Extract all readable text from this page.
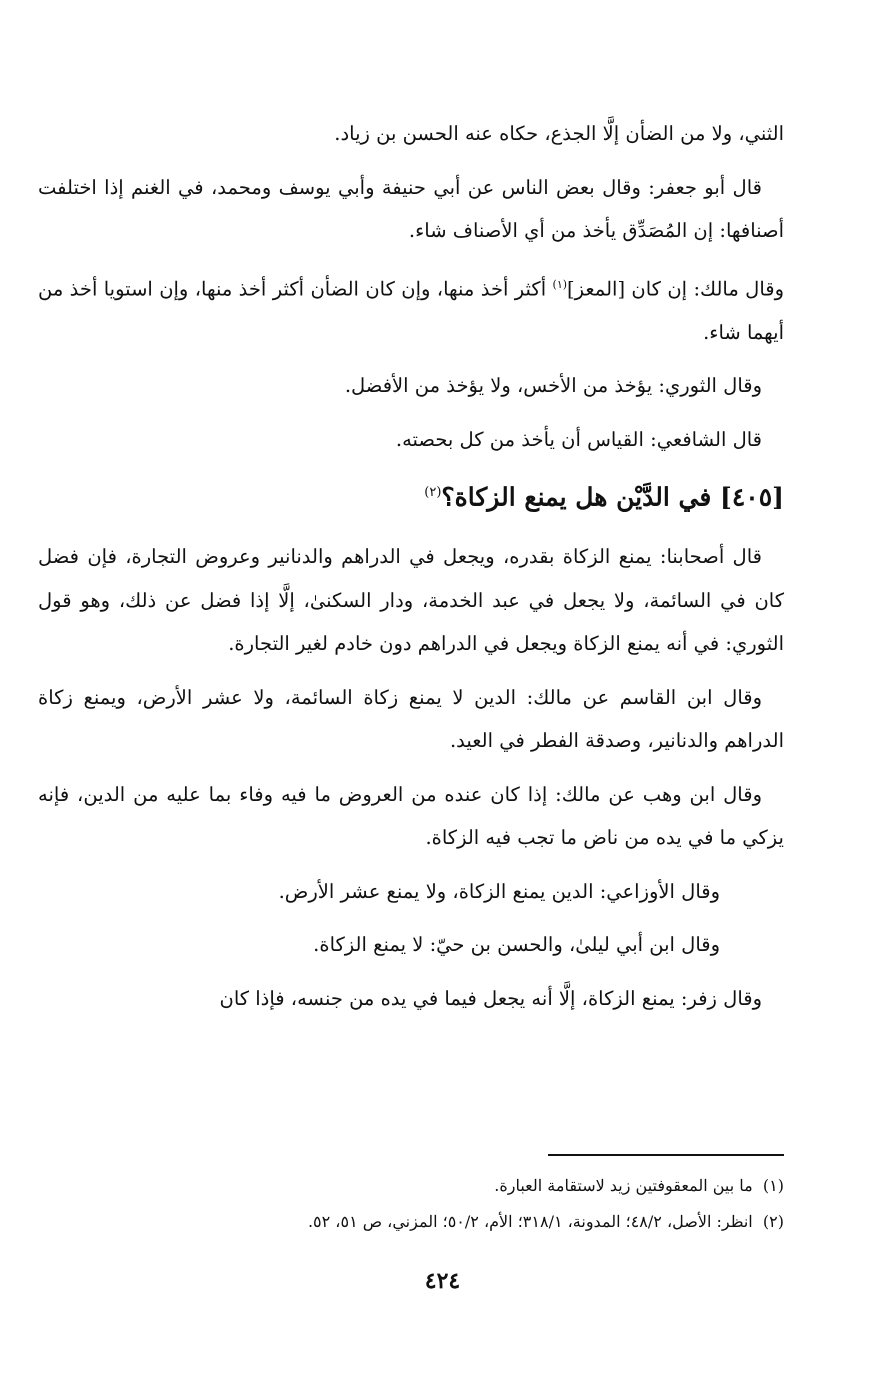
الثني، ولا من الضأن إلَّا الجذع، حكاه عنه الحسن بن زياد.

قال أبو جعفر: وقال بعض الناس عن أبي حنيفة وأبي يوسف ومحمد، في الغنم إذا اختلفت أصنافها: إن المُصَدِّق يأخذ من أي الأصناف شاء.

وقال مالك: إن كان [المعز]$^{(١)}$ أكثر أخذ منها، وإن كان الضأن أكثر أخذ منها، وإن استويا أخذ من أيهما شاء.

وقال الثوري: يؤخذ من الأخس، ولا يؤخذ من الأفضل.

قال الشافعي: القياس أن يأخذ من كل بحصته.

[٤٠٥] في الدَّيْن هل يمنع الزكاة؟$^{(٢)}$

قال أصحابنا: يمنع الزكاة بقدره، ويجعل في الدراهم والدنانير وعروض التجارة، فإن فضل كان في السائمة، ولا يجعل في عبد الخدمة، ودار السكنىٰ، إلَّا إذا فضل عن ذلك، وهو قول الثوري: في أنه يمنع الزكاة ويجعل في الدراهم دون خادم لغير التجارة.

وقال ابن القاسم عن مالك: الدين لا يمنع زكاة السائمة، ولا عشر الأرض، ويمنع زكاة الدراهم والدنانير، وصدقة الفطر في العيد.

وقال ابن وهب عن مالك: إذا كان عنده من العروض ما فيه وفاء بما عليه من الدين، فإنه يزكي ما في يده من ناض ما تجب فيه الزكاة.

وقال الأوزاعي: الدين يمنع الزكاة، ولا يمنع عشر الأرض.

وقال ابن أبي ليلىٰ، والحسن بن حيّ: لا يمنع الزكاة.

وقال زفر: يمنع الزكاة، إلَّا أنه يجعل فيما في يده من جنسه، فإذا كان

(١)  ما بين المعقوفتين زيد لاستقامة العبارة.

(٢)  انظر: الأصل، ٤٨/٢؛ المدونة، ٣١٨/١؛ الأم، ٥٠/٢؛ المزني، ص ٥١، ٥٢.

٤٢٤
